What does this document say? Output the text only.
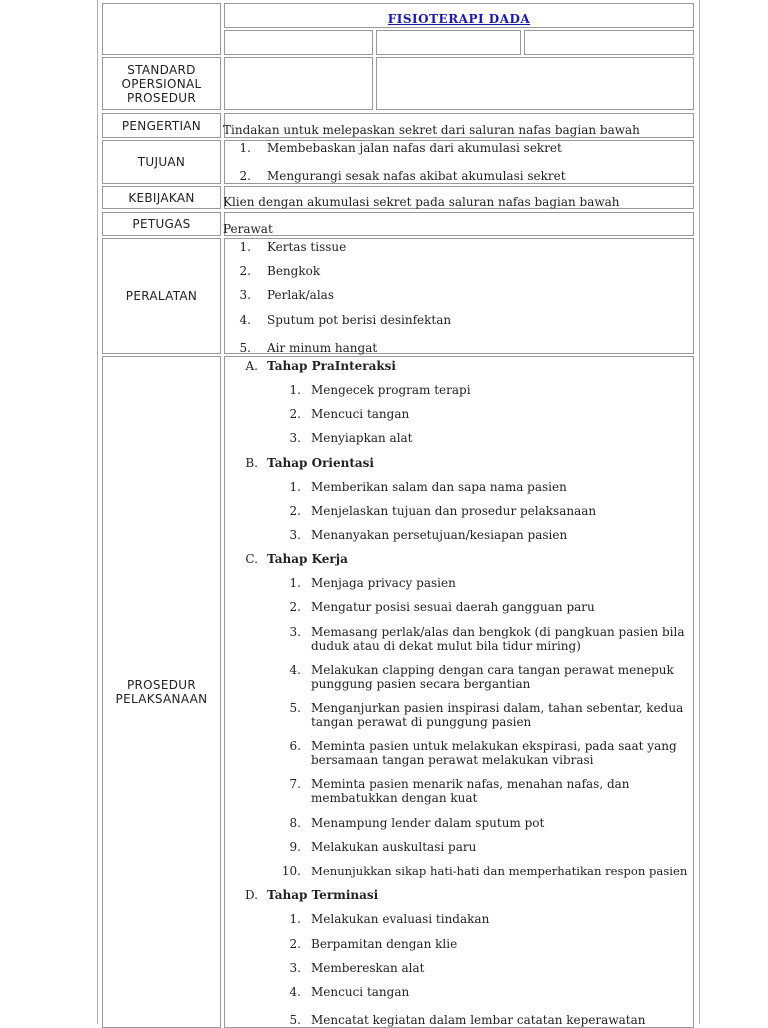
FISIOTERAPI DADA
STANDARD
OPERSIONAL
PROSEDUR
PENGERTIAN Tindakan untuk melepaskan sekret dari saluran nafas bagian bawah
TUJUAN
1. Membebaskan jalan nafas dari akumulasi sekret
2. Mengurangi sesak nafas akibat akumulasi sekret
KEBIJAKAN Klien dengan akumulasi sekret pada saluran nafas bagian bawah
PETUGAS	Perawat
PERALATAN
1. Kertas tissue
2. Bengkok
3. Perlak/alas
4. Sputum pot berisi desinfektan
5. Air minum hangat
PROSEDUR
PELAKSANAAN
A. Tahap PraInteraksi
1. Mengecek program terapi
2. Mencuci tangan
3. Menyiapkan alat
B. Tahap Orientasi
1. Memberikan salam dan sapa nama pasien
2. Menjelaskan tujuan dan prosedur pelaksanaan
3. Menanyakan persetujuan/kesiapan pasien
C. Tahap Kerja
1. Menjaga privacy pasien
2. Mengatur posisi sesuai daerah gangguan paru
3. Memasang perlak/alas dan bengkok (di pangkuan pasien bila
duduk atau di dekat mulut bila tidur miring)
4. Melakukan clapping dengan cara tangan perawat menepuk
punggung pasien secara bergantian
5. Menganjurkan pasien inspirasi dalam, tahan sebentar, kedua
tangan perawat di punggung pasien
6. Meminta pasien untuk melakukan ekspirasi, pada saat yang
bersamaan tangan perawat melakukan vibrasi
7. Meminta pasien menarik nafas, menahan nafas, dan
membatukkan dengan kuat
8. Menampung lender dalam sputum pot
9. Melakukan auskultasi paru
10. Menunjukkan sikap hati-hati dan memperhatikan respon pasien
D. Tahap Terminasi
1. Melakukan evaluasi tindakan
2. Berpamitan dengan klie
3. Membereskan alat
4. Mencuci tangan
5. Mencatat kegiatan dalam lembar catatan keperawatan
